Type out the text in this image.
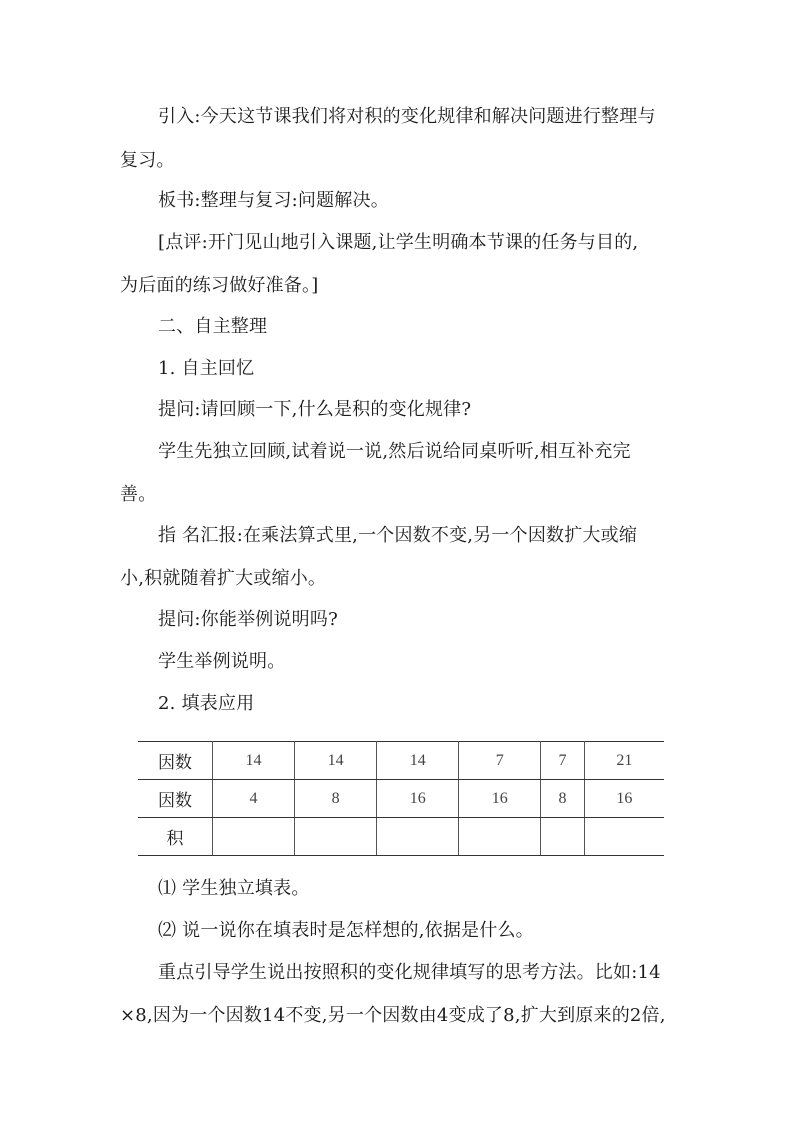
引入:今天这节课我们将对积的变化规律和解决问题进行整理与
复习。
板书:整理与复习:问题解决。
[点评:开门见山地引入课题,让学生明确本节课的任务与目的,
为后面的练习做好准备。]
二、自主整理
1. 自主回忆
提问:请回顾一下,什么是积的变化规律?
学生先独立回顾,试着说一说,然后说给同桌听听,相互补充完
善。
指 名汇报:在乘法算式里,一个因数不变,另一个因数扩大或缩
小,积就随着扩大或缩小。
提问:你能举例说明吗?
学生举例说明。
2. 填表应用
因数	14	14	14	7	7	21
因数	4	8	16	16	8	16
积						
⑴ 学生独立填表。
⑵ 说一说你在填表时是怎样想的,依据是什么。
重点引导学生说出按照积的变化规律填写的思考方法。比如:14
×8,因为一个因数14不变,另一个因数由4变成了8,扩大到原来的2倍,
